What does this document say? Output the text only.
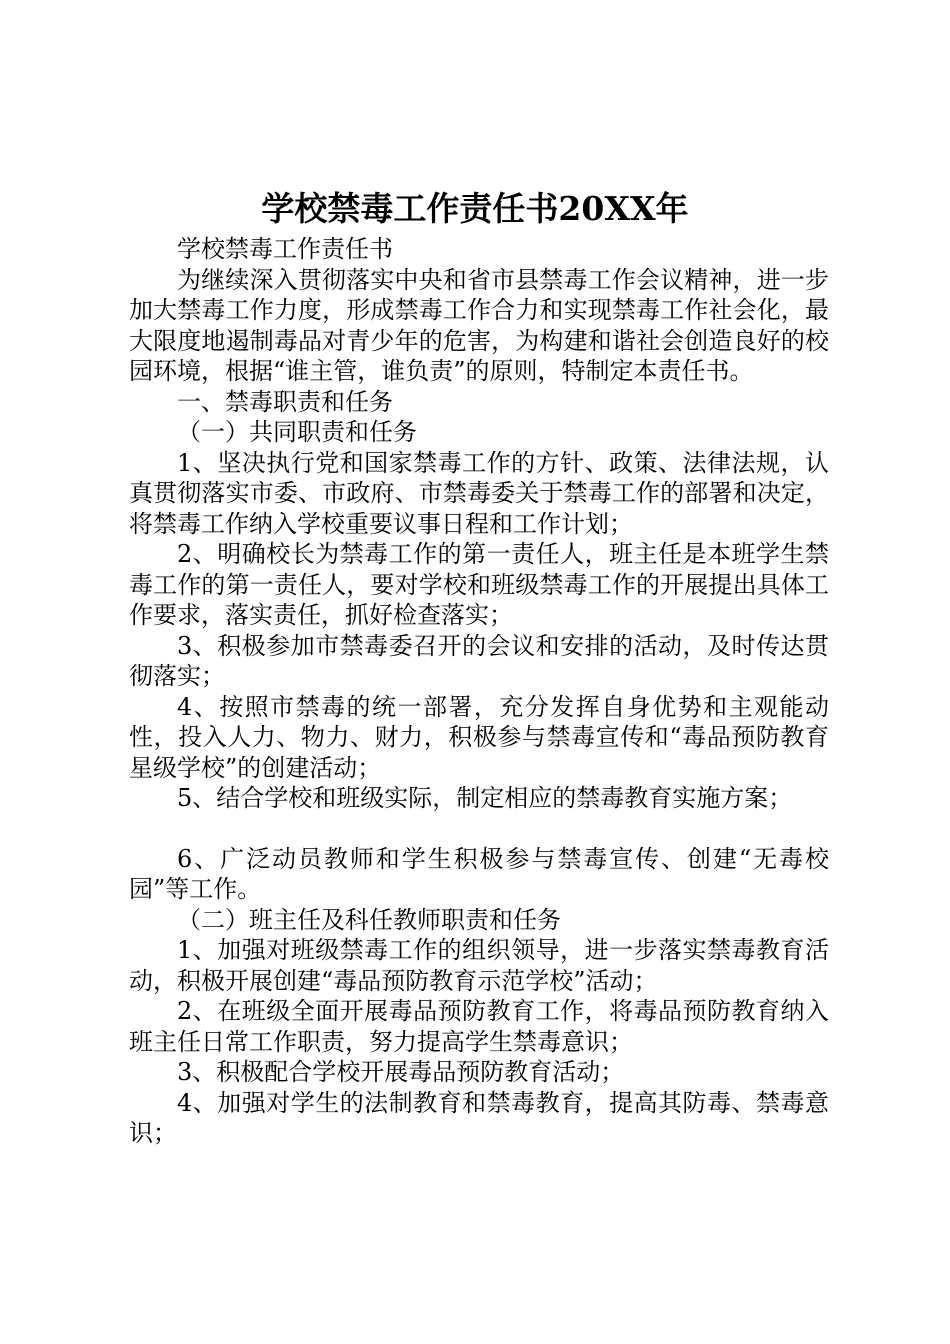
学校禁毒工作责任书20XX年

学校禁毒工作责任书

为继续深入贯彻落实中央和省市县禁毒工作会议精神，进一步加大禁毒工作力度，形成禁毒工作合力和实现禁毒工作社会化，最大限度地遏制毒品对青少年的危害，为构建和谐社会创造良好的校园环境，根据“谁主管，谁负责”的原则，特制定本责任书。

一、禁毒职责和任务

（一）共同职责和任务

1、坚决执行党和国家禁毒工作的方针、政策、法律法规，认真贯彻落实市委、市政府、市禁毒委关于禁毒工作的部署和决定，将禁毒工作纳入学校重要议事日程和工作计划；

2、明确校长为禁毒工作的第一责任人，班主任是本班学生禁毒工作的第一责任人，要对学校和班级禁毒工作的开展提出具体工作要求，落实责任，抓好检查落实；

3、积极参加市禁毒委召开的会议和安排的活动，及时传达贯彻落实；

4、按照市禁毒的统一部署，充分发挥自身优势和主观能动性，投入人力、物力、财力，积极参与禁毒宣传和“毒品预防教育星级学校”的创建活动；

5、结合学校和班级实际，制定相应的禁毒教育实施方案；

6、广泛动员教师和学生积极参与禁毒宣传、创建“无毒校园”等工作。

（二）班主任及科任教师职责和任务

1、加强对班级禁毒工作的组织领导，进一步落实禁毒教育活动，积极开展创建“毒品预防教育示范学校”活动；

2、在班级全面开展毒品预防教育工作，将毒品预防教育纳入班主任日常工作职责，努力提高学生禁毒意识；

3、积极配合学校开展毒品预防教育活动；

4、加强对学生的法制教育和禁毒教育，提高其防毒、禁毒意识；
